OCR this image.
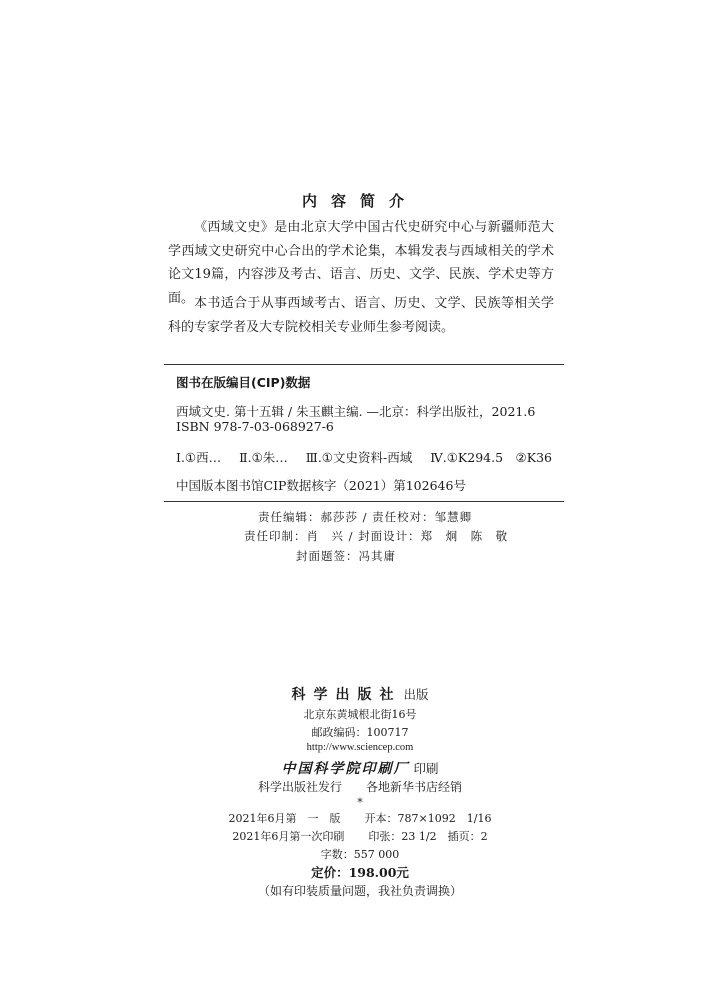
内容简介
《西域文史》是由北京大学中国古代史研究中心与新疆师范大学西域文史研究中心合出的学术论集，本辑发表与西域相关的学术论文19篇，内容涉及考古、语言、历史、文学、民族、学术史等方面。 本书适合于从事西域考古、语言、历史、文学、民族等相关学科的专家学者及大专院校相关专业师生参考阅读。
图书在版编目(CIP)数据
西域文史. 第十五辑 / 朱玉麒主编. —北京：科学出版社，2021.6
ISBN 978-7-03-068927-6
Ⅰ.①西… Ⅱ.①朱… Ⅲ.①文史资料-西域 Ⅳ.①K294.5　②K36
中国版本图书馆CIP数据核字（2021）第102646号
责任编辑：郝莎莎 / 责任校对：邹慧卿
责任印制：肖　兴 / 封面设计：郑　炯　陈　敬
封面题签：冯其庸
科学出版社 出版
北京东黄城根北街16号
邮政编码：100717
http://www.sciencep.com
中国科学院印刷厂 印刷
科学出版社发行 各地新华书店经销
*
2021年6月第　一　版 开本：787×1092　1/16
2021年6月第一次印刷 印张：23 1/2　插页：2
字数：557 000
定价：198.00元
（如有印装质量问题，我社负责调换）
